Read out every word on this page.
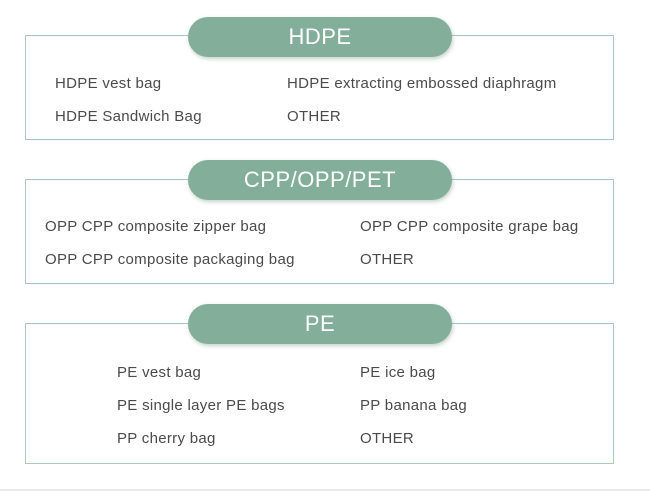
HDPE
HDPE vest bag	HDPE extracting embossed diaphragm
HDPE Sandwich Bag	OTHER
CPP/OPP/PET
OPP CPP composite zipper bag	OPP CPP composite grape bag
OPP CPP composite packaging bag	OTHER
PE
PE vest bag	PE ice bag
PE single layer PE bags	PP banana bag
PP cherry bag	OTHER
